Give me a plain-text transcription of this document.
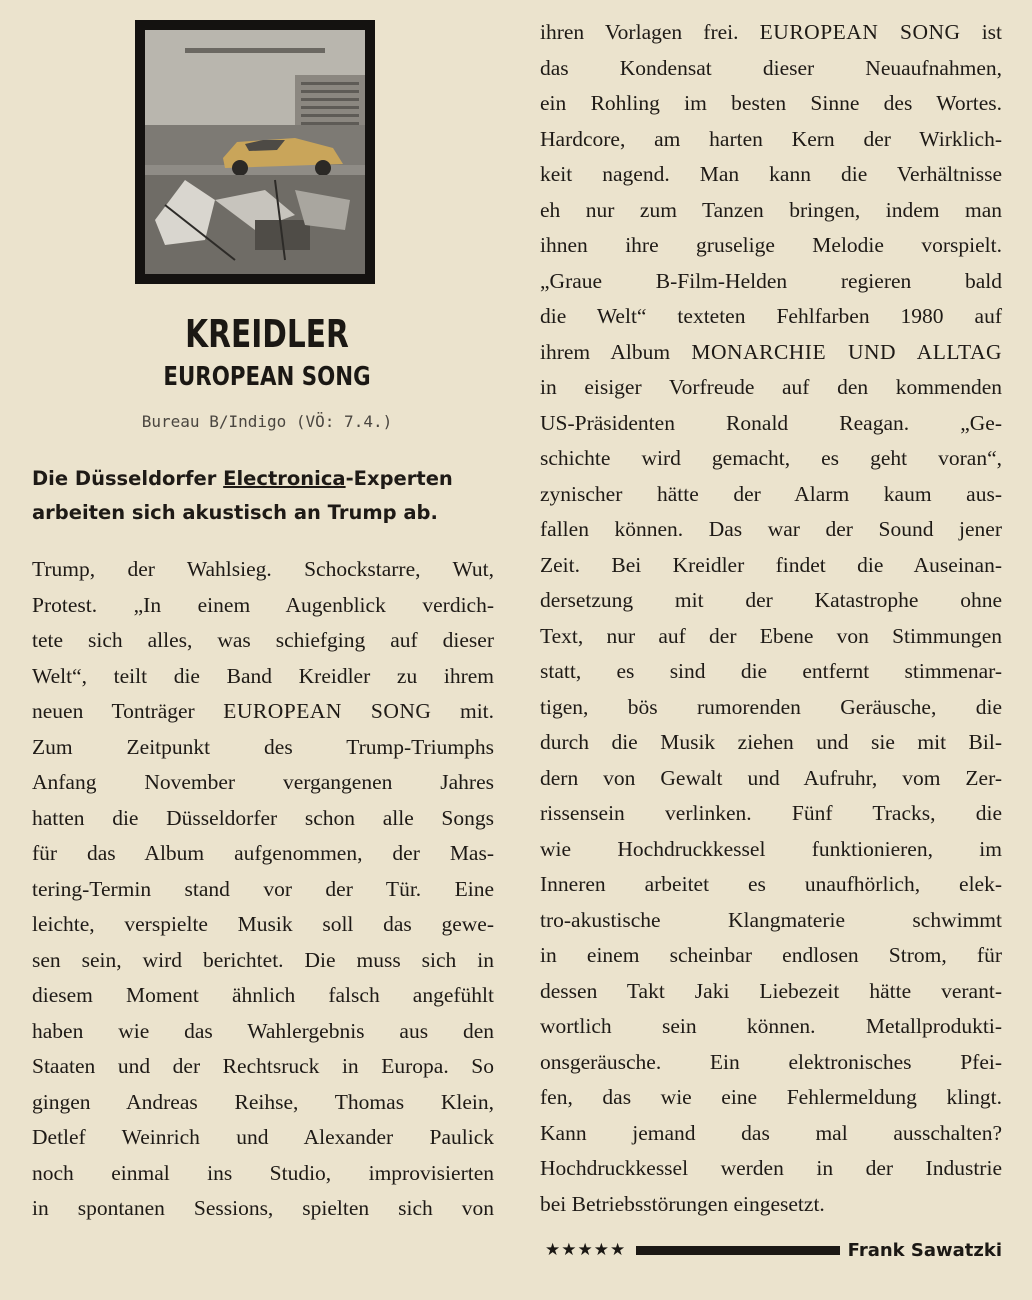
KREIDLER
EUROPEAN SONG
Bureau B/Indigo (VÖ: 7.4.)
Die Düsseldorfer Electronica-Experten
arbeiten sich akustisch an Trump ab.
Trump, der Wahlsieg. Schockstarre, Wut,
Protest. „In einem Augenblick verdich-
tete sich alles, was schiefging auf dieser
Welt“, teilt die Band Kreidler zu ihrem
neuen Tonträger EUROPEAN SONG mit.
Zum Zeitpunkt des Trump-Triumphs
Anfang November vergangenen Jahres
hatten die Düsseldorfer schon alle Songs
für das Album aufgenommen, der Mas-
tering-Termin stand vor der Tür. Eine
leichte, verspielte Musik soll das gewe-
sen sein, wird berichtet. Die muss sich in
diesem Moment ähnlich falsch angefühlt
haben wie das Wahlergebnis aus den
Staaten und der Rechtsruck in Europa. So
gingen Andreas Reihse, Thomas Klein,
Detlef Weinrich und Alexander Paulick
noch einmal ins Studio, improvisierten
in spontanen Sessions, spielten sich von
ihren Vorlagen frei. EUROPEAN SONG ist
das Kondensat dieser Neuaufnahmen,
ein Rohling im besten Sinne des Wortes.
Hardcore, am harten Kern der Wirklich-
keit nagend. Man kann die Verhältnisse
eh nur zum Tanzen bringen, indem man
ihnen ihre gruselige Melodie vorspielt.
„Graue B-Film-Helden regieren bald
die Welt“ texteten Fehlfarben 1980 auf
ihrem Album MONARCHIE UND ALLTAG
in eisiger Vorfreude auf den kommenden
US-Präsidenten Ronald Reagan. „Ge-
schichte wird gemacht, es geht voran“,
zynischer hätte der Alarm kaum aus-
fallen können. Das war der Sound jener
Zeit. Bei Kreidler findet die Auseinan-
dersetzung mit der Katastrophe ohne
Text, nur auf der Ebene von Stimmungen
statt, es sind die entfernt stimmenar-
tigen, bös rumorenden Geräusche, die
durch die Musik ziehen und sie mit Bil-
dern von Gewalt und Aufruhr, vom Zer-
rissensein verlinken. Fünf Tracks, die
wie Hochdruckkessel funktionieren, im
Inneren arbeitet es unaufhörlich, elek-
tro-akustische Klangmaterie schwimmt
in einem scheinbar endlosen Strom, für
dessen Takt Jaki Liebezeit hätte verant-
wortlich sein können. Metallprodukti-
onsgeräusche. Ein elektronisches Pfei-
fen, das wie eine Fehlermeldung klingt.
Kann jemand das mal ausschalten?
Hochdruckkessel werden in der Industrie
bei Betriebsstörungen eingesetzt.
★★★★★	Frank Sawatzki
